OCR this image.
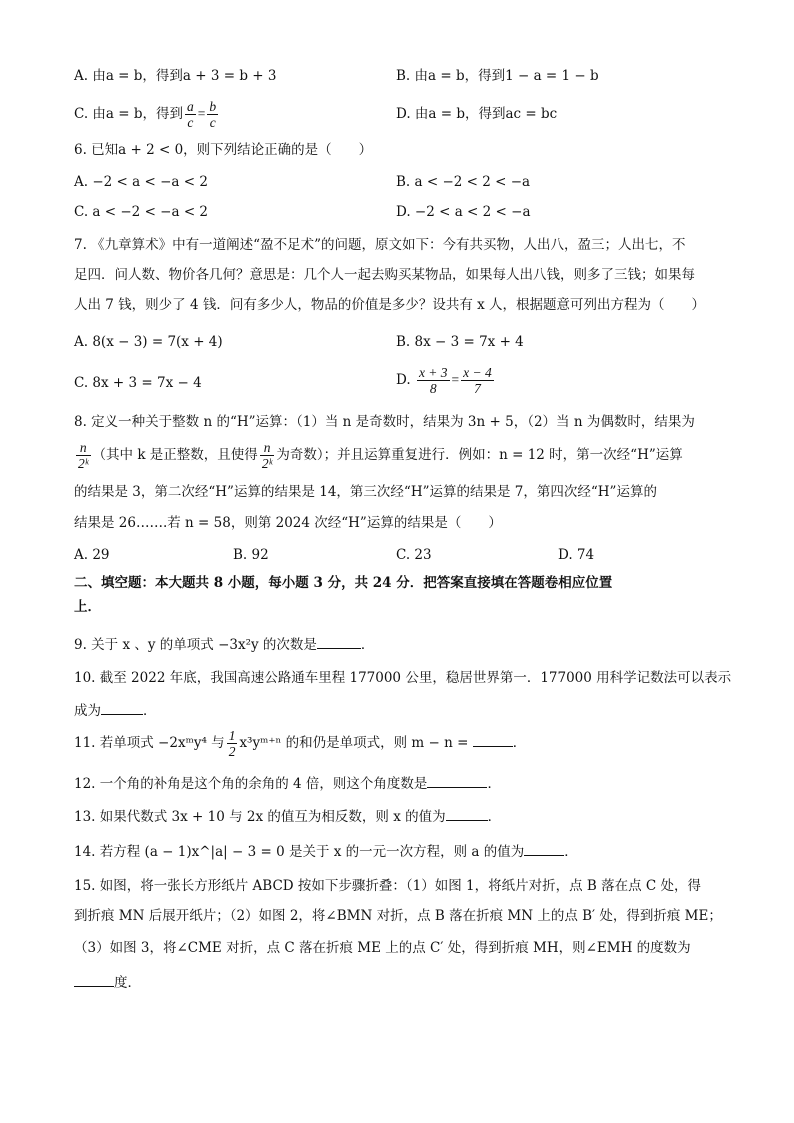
A. 由a = b，得到a + 3 = b + 3	B. 由a = b，得到1 − a = 1 − b
C. 由a = b，得到 $\frac{a}{c} = \frac{b}{c}$	D. 由a = b，得到ac = bc
6. 已知a + 2 < 0，则下列结论正确的是（　　）
A. −2 < a < −a < 2	B. a < −2 < 2 < −a
C. a < −2 < −a < 2	D. −2 < a < 2 < −a
7. 《九章算术》中有一道阐述“盈不足术”的问题，原文如下：今有共买物，人出八，盈三；人出七，不
足四．问人数、物价各几何？意思是：几个人一起去购买某物品，如果每人出八钱，则多了三钱；如果每
人出 7 钱，则少了 4 钱．问有多少人，物品的价值是多少？设共有 x 人，根据题意可列出方程为（　　）
A. 8(x − 3) = 7(x + 4)	B. 8x − 3 = 7x + 4
C. 8x + 3 = 7x − 4	D. $\frac{x + 3}{8} = \frac{x - 4}{7}$
8. 定义一种关于整数 n 的“H”运算：（1）当 n 是奇数时，结果为 3n + 5，（2）当 n 为偶数时，结果为
$\frac{n}{\text{2ᵏ}}$ （其中 k 是正整数，且使得 $\frac{n}{\text{2ᵏ}}$ 为奇数）；并且运算重复进行．例如：n = 12 时，第一次经“H”运算
的结果是 3，第二次经“H”运算的结果是 14，第三次经“H”运算的结果是 7，第四次经“H”运算的
结果是 26…….若 n = 58，则第 2024 次经“H”运算的结果是（　　）
A. 29	B. 92	C. 23	D. 74
二、填空题：本大题共 8 小题，每小题 3 分，共 24 分．把答案直接填在答题卷相应位置
上．
9. 关于 x 、y 的单项式 −3x²y 的次数是	．
10. 截至 2022 年底，我国高速公路通车里程 177000 公里，稳居世界第一．177000 用科学记数法可以表示
成为	．
11. 若单项式 −2xᵐy⁴ 与 $\frac{1}{2}$ x³yᵐ⁺ⁿ 的和仍是单项式，则 m − n =	．
12. 一个角的补角是这个角的余角的 4 倍，则这个角度数是	．
13. 如果代数式 3x + 10 与 2x 的值互为相反数，则 x 的值为	．
14. 若方程 (a − 1)x^|a| − 3 = 0 是关于 x 的一元一次方程，则 a 的值为	．
15. 如图，将一张长方形纸片 ABCD 按如下步骤折叠：（1）如图 1，将纸片对折，点 B 落在点 C 处，得
到折痕 MN 后展开纸片；（2）如图 2，将∠BMN 对折，点 B 落在折痕 MN 上的点 B′ 处，得到折痕 ME；
（3）如图 3，将∠CME 对折，点 C 落在折痕 ME 上的点 C′ 处，得到折痕 MH，则∠EMH 的度数为
度．
